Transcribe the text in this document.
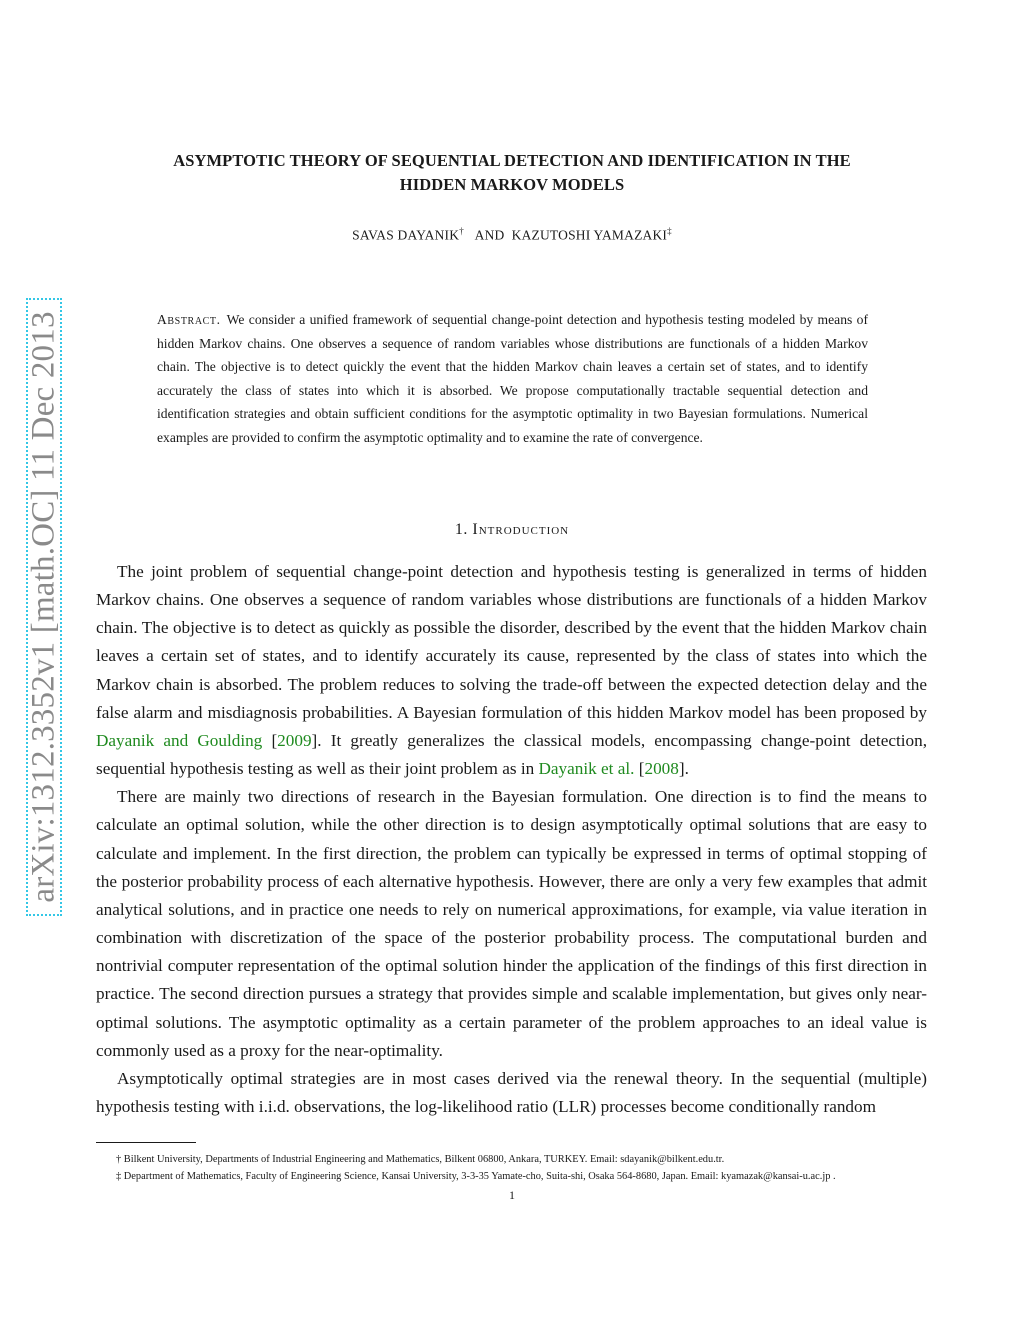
arXiv:1312.3352v1 [math.OC] 11 Dec 2013
ASYMPTOTIC THEORY OF SEQUENTIAL DETECTION AND IDENTIFICATION IN THE
HIDDEN MARKOV MODELS
SAVAS DAYANIK† AND KAZUTOSHI YAMAZAKI‡
Abstract. We consider a unified framework of sequential change-point detection and hypothesis testing modeled by means of hidden Markov chains. One observes a sequence of random variables whose distributions are functionals of a hidden Markov chain. The objective is to detect quickly the event that the hidden Markov chain leaves a certain set of states, and to identify accurately the class of states into which it is absorbed. We propose computationally tractable sequential detection and identification strategies and obtain sufficient conditions for the asymptotic optimality in two Bayesian formulations. Numerical examples are provided to confirm the asymptotic optimality and to examine the rate of convergence.
1. Introduction

The joint problem of sequential change-point detection and hypothesis testing is generalized in terms of hidden Markov chains. One observes a sequence of random variables whose distributions are functionals of a hidden Markov chain. The objective is to detect as quickly as possible the disorder, described by the event that the hidden Markov chain leaves a certain set of states, and to identify accurately its cause, represented by the class of states into which the Markov chain is absorbed. The problem reduces to solving the trade-off between the expected detection delay and the false alarm and misdiagnosis probabilities. A Bayesian formulation of this hidden Markov model has been proposed by Dayanik and Goulding [2009]. It greatly generalizes the classical models, encompassing change-point detection, sequential hypothesis testing as well as their joint problem as in Dayanik et al. [2008].

There are mainly two directions of research in the Bayesian formulation. One direction is to find the means to calculate an optimal solution, while the other direction is to design asymptotically optimal solutions that are easy to calculate and implement. In the first direction, the problem can typically be expressed in terms of optimal stopping of the posterior probability process of each alternative hypothesis. However, there are only a very few examples that admit analytical solutions, and in practice one needs to rely on numerical approximations, for example, via value iteration in combination with discretization of the space of the posterior probability process. The computational burden and nontrivial computer representation of the optimal solution hinder the application of the findings of this first direction in practice. The second direction pursues a strategy that provides simple and scalable implementation, but gives only near-optimal solutions. The asymptotic optimality as a certain parameter of the problem approaches to an ideal value is commonly used as a proxy for the near-optimality.

Asymptotically optimal strategies are in most cases derived via the renewal theory. In the sequential (multiple) hypothesis testing with i.i.d. observations, the log-likelihood ratio (LLR) processes become conditionally random

† Bilkent University, Departments of Industrial Engineering and Mathematics, Bilkent 06800, Ankara, TURKEY. Email: sdayanik@bilkent.edu.tr.
‡ Department of Mathematics, Faculty of Engineering Science, Kansai University, 3-3-35 Yamate-cho, Suita-shi, Osaka 564-8680, Japan. Email: kyamazak@kansai-u.ac.jp .
1
